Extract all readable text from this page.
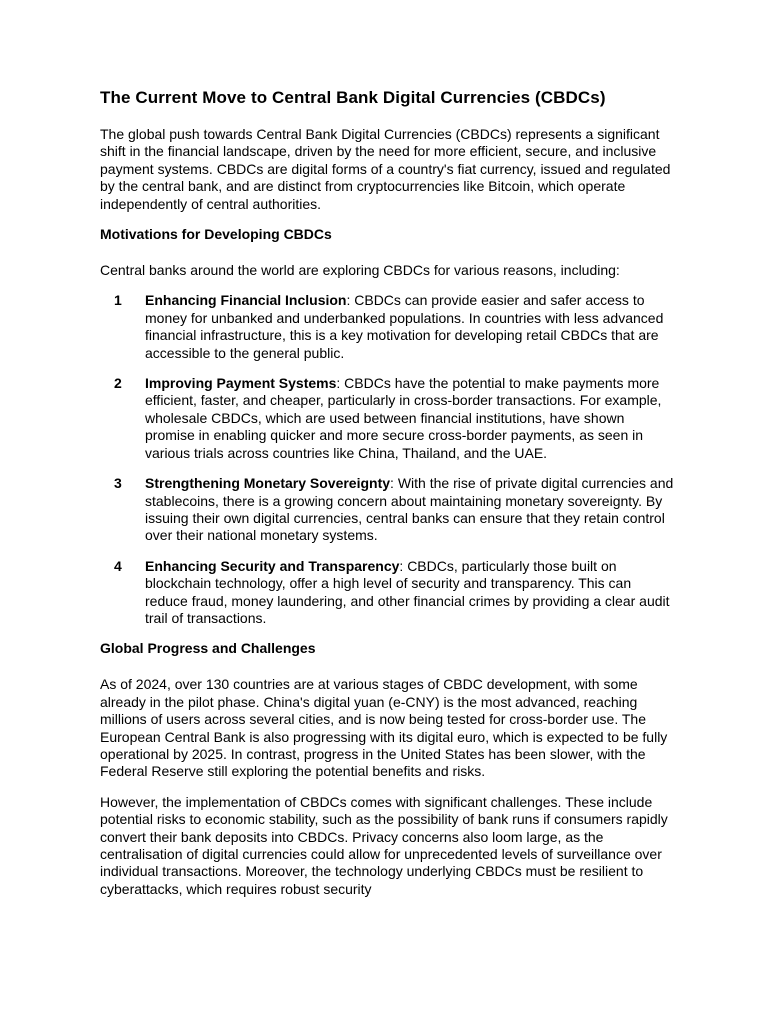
The Current Move to Central Bank Digital Currencies (CBDCs)

The global push towards Central Bank Digital Currencies (CBDCs) represents a significant shift in the financial landscape, driven by the need for more efficient, secure, and inclusive payment systems. CBDCs are digital forms of a country's fiat currency, issued and regulated by the central bank, and are distinct from cryptocurrencies like Bitcoin, which operate independently of central authorities.

Motivations for Developing CBDCs

Central banks around the world are exploring CBDCs for various reasons, including:

1	Enhancing Financial Inclusion: CBDCs can provide easier and safer access to money for unbanked and underbanked populations. In countries with less advanced financial infrastructure, this is a key motivation for developing retail CBDCs that are accessible to the general public.
2	Improving Payment Systems: CBDCs have the potential to make payments more efficient, faster, and cheaper, particularly in cross-border transactions. For example, wholesale CBDCs, which are used between financial institutions, have shown promise in enabling quicker and more secure cross-border payments, as seen in various trials across countries like China, Thailand, and the UAE.
3	Strengthening Monetary Sovereignty: With the rise of private digital currencies and stablecoins, there is a growing concern about maintaining monetary sovereignty. By issuing their own digital currencies, central banks can ensure that they retain control over their national monetary systems.
4	Enhancing Security and Transparency: CBDCs, particularly those built on blockchain technology, offer a high level of security and transparency. This can reduce fraud, money laundering, and other financial crimes by providing a clear audit trail of transactions.
Global Progress and Challenges

As of 2024, over 130 countries are at various stages of CBDC development, with some already in the pilot phase. China's digital yuan (e-CNY) is the most advanced, reaching millions of users across several cities, and is now being tested for cross-border use. The European Central Bank is also progressing with its digital euro, which is expected to be fully operational by 2025. In contrast, progress in the United States has been slower, with the Federal Reserve still exploring the potential benefits and risks.

However, the implementation of CBDCs comes with significant challenges. These include potential risks to economic stability, such as the possibility of bank runs if consumers rapidly convert their bank deposits into CBDCs. Privacy concerns also loom large, as the centralisation of digital currencies could allow for unprecedented levels of surveillance over individual transactions. Moreover, the technology underlying CBDCs must be resilient to cyberattacks, which requires robust security
